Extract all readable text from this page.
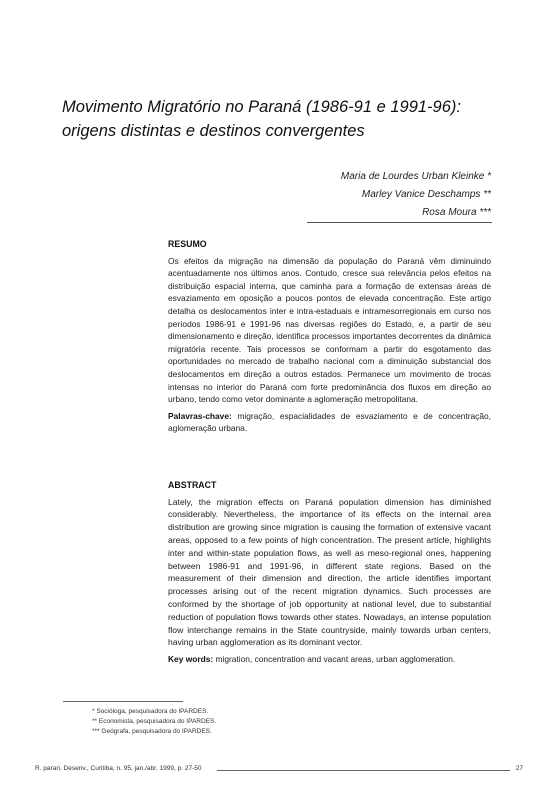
Movimento Migratório no Paraná (1986-91 e 1991-96):
origens distintas e destinos convergentes
Maria de Lourdes Urban Kleinke *
Marley Vanice Deschamps **
Rosa Moura ***
RESUMO

Os efeitos da migração na dimensão da população do Paraná vêm diminuindo acentuadamente nos últimos anos. Contudo, cresce sua relevância pelos efeitos na distribuição espacial interna, que caminha para a formação de extensas áreas de esvaziamento em oposição a poucos pontos de elevada concentração. Este artigo detalha os deslocamentos inter e intra-estaduais e intramesorregionais em curso nos períodos 1986-91 e 1991-96 nas diversas regiões do Estado, e, a partir de seu dimensionamento e direção, identifica processos importantes decorrentes da dinâmica migratória recente. Tais processos se conformam a partir do esgotamento das oportunidades no mercado de trabalho nacional com a diminuição substancial dos deslocamentos em direção a outros estados. Permanece um movimento de trocas intensas no interior do Paraná com forte predominância dos fluxos em direção ao urbano, tendo como vetor dominante a aglomeração metropolitana.

Palavras-chave: migração, espacialidades de esvaziamento e de concentração, aglomeração urbana.

ABSTRACT

Lately, the migration effects on Paraná population dimension has diminished considerably. Nevertheless, the importance of its effects on the internal area distribution are growing since migration is causing the formation of extensive vacant areas, opposed to a few points of high concentration. The present article, highlights inter and within-state population flows, as well as meso-regional ones, happening between 1986-91 and 1991-96, in different state regions. Based on the measurement of their dimension and direction, the article identifies important processes arising out of the recent migration dynamics. Such processes are conformed by the shortage of job opportunity at national level, due to substantial reduction of population flows towards other states. Nowadays, an intense population flow interchange remains in the State countryside, mainly towards urban centers, having urban agglomeration as its dominant vector.

Key words: migration, concentration and vacant areas, urban agglomeration.

* Socióloga, pesquisadora do IPARDES.
** Economista, pesquisadora do IPARDES.
*** Geógrafa, pesquisadora do IPARDES.
R. paran. Desenv., Curitiba, n. 95, jan./abr. 1999, p. 27-50	27
